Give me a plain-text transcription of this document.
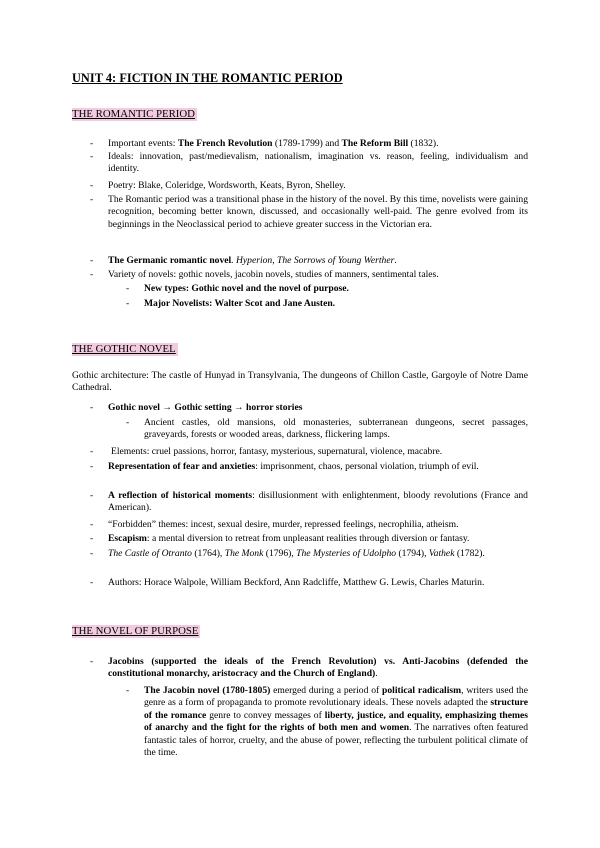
UNIT 4: FICTION IN THE ROMANTIC PERIOD
THE ROMANTIC PERIOD
- Important events: The French Revolution (1789-1799) and The Reform Bill (1832).

- Ideals: innovation, past/medievalism, nationalism, imagination vs. reason, feeling, individualism and identity.

- Poetry: Blake, Coleridge, Wordsworth, Keats, Byron, Shelley.

- The Romantic period was a transitional phase in the history of the novel. By this time, novelists were gaining recognition, becoming better known, discussed, and occasionally well-paid. The genre evolved from its beginnings in the Neoclassical period to achieve greater success in the Victorian era.

- The Germanic romantic novel. Hyperion, The Sorrows of Young Werther.

- Variety of novels: gothic novels, jacobin novels, studies of manners, sentimental tales.

- New types: Gothic novel and the novel of purpose.

- Major Novelists: Walter Scot and Jane Austen.

THE GOTHIC NOVEL

Gothic architecture: The castle of Hunyad in Transylvania, The dungeons of Chillon Castle, Gargoyle of Notre Dame Cathedral.

- Gothic novel → Gothic setting → horror stories

- Ancient castles, old mansions, old monasteries, subterranean dungeons, secret passages, graveyards, forests or wooded areas, darkness, flickering lamps.

- Elements: cruel passions, horror, fantasy, mysterious, supernatural, violence, macabre.

- Representation of fear and anxieties: imprisonment, chaos, personal violation, triumph of evil.

- A reflection of historical moments: disillusionment with enlightenment, bloody revolutions (France and American).

- “Forbidden” themes: incest, sexual desire, murder, repressed feelings, necrophilia, atheism.

- Escapism: a mental diversion to retreat from unpleasant realities through diversion or fantasy.

- The Castle of Otranto (1764), The Monk (1796), The Mysteries of Udolpho (1794), Vathek (1782).

- Authors: Horace Walpole, William Beckford, Ann Radcliffe, Matthew G. Lewis, Charles Maturin.

THE NOVEL OF PURPOSE
- Jacobins (supported the ideals of the French Revolution) vs. Anti-Jacobins (defended the constitutional monarchy, aristocracy and the Church of England).

- The Jacobin novel (1780-1805) emerged during a period of political radicalism, writers used the genre as a form of propaganda to promote revolutionary ideals. These novels adapted the structure of the romance genre to convey messages of liberty, justice, and equality, emphasizing themes of anarchy and the fight for the rights of both men and women. The narratives often featured fantastic tales of horror, cruelty, and the abuse of power, reflecting the turbulent political climate of the time.
